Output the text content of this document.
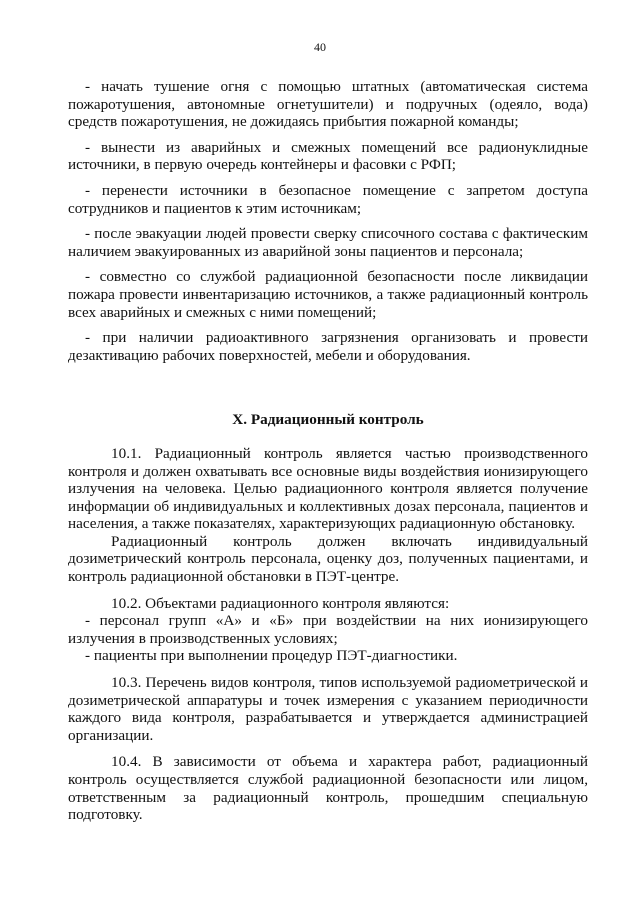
40

- начать тушение огня с помощью штатных (автоматическая система пожаротушения, автономные огнетушители) и подручных (одеяло, вода) средств пожаротушения, не дожидаясь прибытия пожарной команды;

- вынести из аварийных и смежных помещений все радионуклидные источники, в первую очередь контейнеры и фасовки с РФП;

- перенести источники в безопасное помещение с запретом доступа сотрудников и пациентов к этим источникам;

- после эвакуации людей провести сверку списочного состава с фактическим наличием эвакуированных из аварийной зоны пациентов и персонала;

- совместно со службой радиационной безопасности после ликвидации пожара провести инвентаризацию источников, а также радиационный контроль всех аварийных и смежных с ними помещений;

- при наличии радиоактивного загрязнения организовать и провести дезактивацию рабочих поверхностей, мебели и оборудования.

X. Радиационный контроль

10.1. Радиационный контроль является частью производственного контроля и должен охватывать все основные виды воздействия ионизирующего излучения на человека. Целью радиационного контроля является получение информации об индивидуальных и коллективных дозах персонала, пациентов и населения, а также показателях, характеризующих радиационную обстановку.

Радиационный контроль должен включать индивидуальный дозиметрический контроль персонала, оценку доз, полученных пациентами, и контроль радиационной обстановки в ПЭТ-центре.

10.2. Объектами радиационного контроля являются:

- персонал групп «А» и «Б» при воздействии на них ионизирующего излучения в производственных условиях;

- пациенты при выполнении процедур ПЭТ-диагностики.

10.3. Перечень видов контроля, типов используемой радиометрической и дозиметрической аппаратуры и точек измерения с указанием периодичности каждого вида контроля, разрабатывается и утверждается администрацией организации.

10.4. В зависимости от объема и характера работ, радиационный контроль осуществляется службой радиационной безопасности или лицом, ответственным за радиационный контроль, прошедшим специальную подготовку.
